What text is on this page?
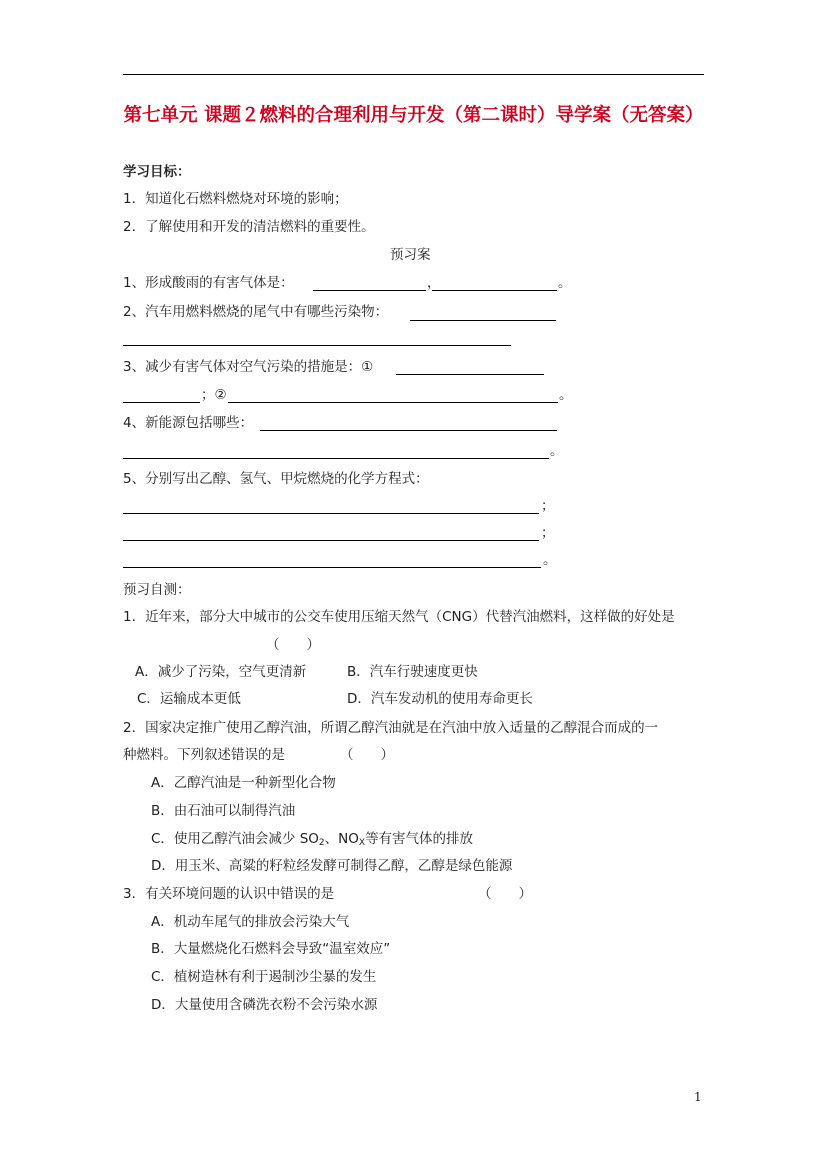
第七单元 课题２燃料的合理利用与开发（第二课时）导学案（无答案）
学习目标：
1．知道化石燃料燃烧对环境的影响；
2．了解使用和开发的清洁燃料的重要性。
预习案
1、形成酸雨的有害气体是：	，	。
2、汽车用燃料燃烧的尾气中有哪些污染物：
3、减少有害气体对空气污染的措施是：①
；②	。
4、新能源包括哪些：
。
5、分别写出乙醇、氢气、甲烷燃烧的化学方程式：
；
；
。
预习自测：
1．近年来，部分大中城市的公交车使用压缩天然气（CNG）代替汽油燃料，这样做的好处是
（　　）
A．减少了污染，空气更清新	B．汽车行驶速度更快
C．运输成本更低	D．汽车发动机的使用寿命更长
2．国家决定推广使用乙醇汽油，所谓乙醇汽油就是在汽油中放入适量的乙醇混合而成的一
种燃料。下列叙述错误的是	（　　）
A．乙醇汽油是一种新型化合物
B．由石油可以制得汽油
C．使用乙醇汽油会减少 $SO_2$、$NO_X$等有害气体的排放
D．用玉米、高粱的籽粒经发酵可制得乙醇，乙醇是绿色能源
3．有关环境问题的认识中错误的是	（　　）
A．机动车尾气的排放会污染大气
B．大量燃烧化石燃料会导致“温室效应”
C．植树造林有利于遏制沙尘暴的发生
D．大量使用含磷洗衣粉不会污染水源
1
